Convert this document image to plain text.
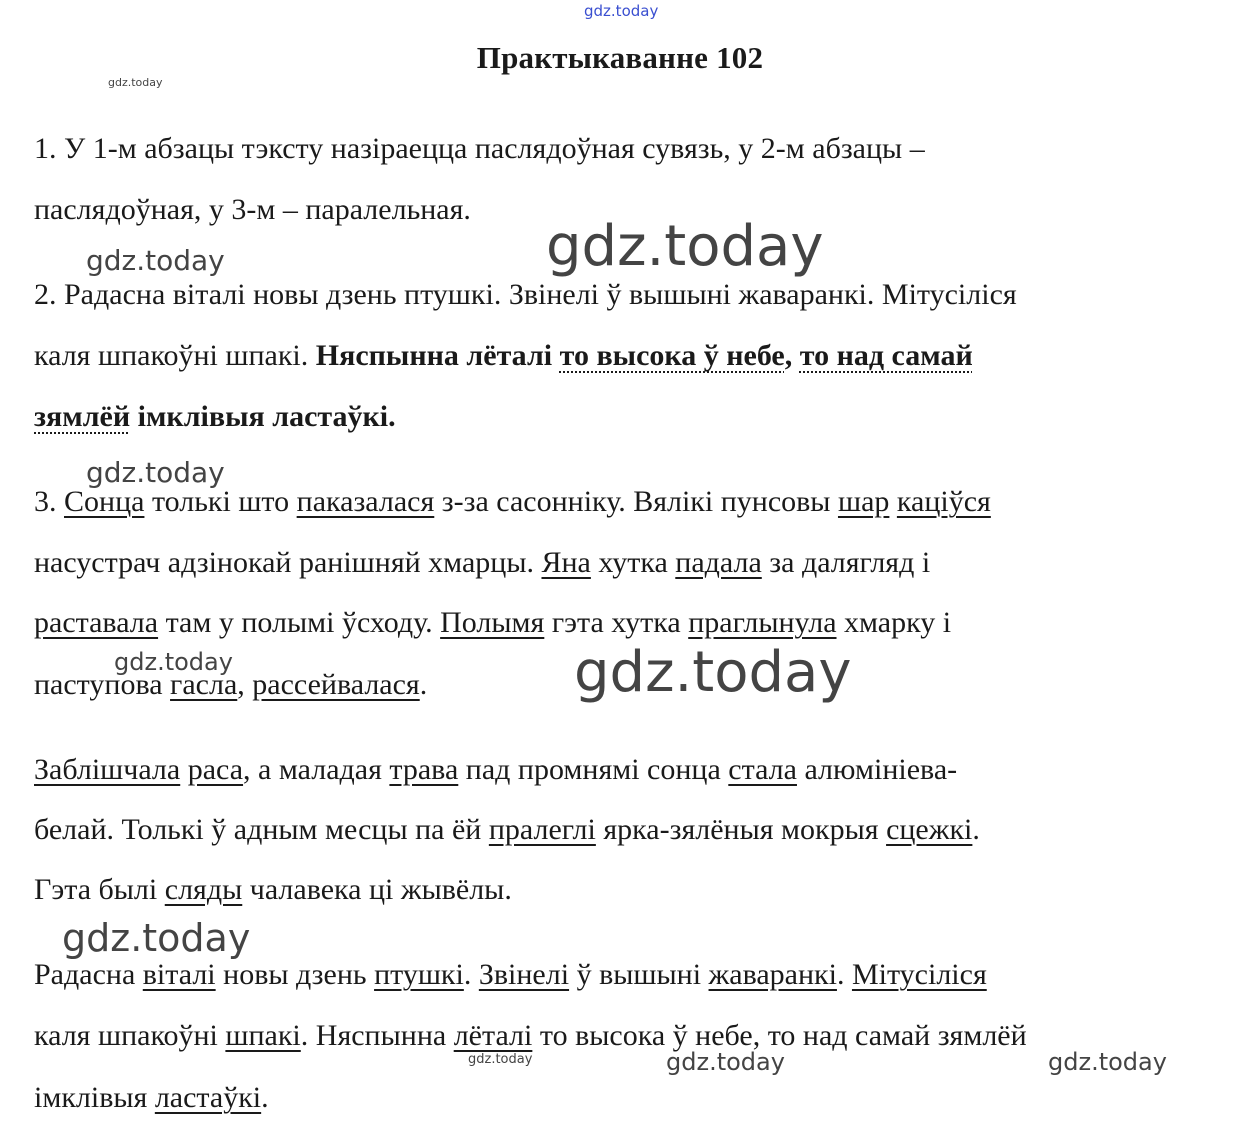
gdz.today
Практыкаванне 102
gdz.today
1. У 1-м абзацы тэксту назіраецца паслядоўная сувязь, у 2-м абзацы –
паслядоўная, у 3-м – паралельная.
gdz.today
gdz.today
2. Радасна віталі новы дзень птушкі. Звінелі ў вышыні жаваранкі. Мітусіліся
каля шпакоўні шпакі. Няспынна лёталі то высока ў небе, то над самай
зямлёй імклівыя ластаўкі.
gdz.today
3. Сонца толькі што паказалася з-за сасоннiку. Вялікі пунсовы шар каціўся
насустрач адзінокай ранішняй хмарцы. Яна хутка падала за далягляд і
раставала там у полымі ўсходу. Полымя гэта хутка праглынула хмарку і
gdz.today
паступова гасла, рассейвалася.	gdz.today
Заблішчала раса, а маладая трава пад промнямі сонца стала алюмініева-
белай. Толькі ў адным месцы па ёй пралеглі ярка-зялёныя мокрыя сцежкі.
Гэта былі сляды чалавека ці жывёлы.
gdz.today
Радасна віталі новы дзень птушкі. Звінелі ў вышыні жаваранкі. Мітусіліся
каля шпакоўні шпакі. Няспынна лёталі то высока ў небе, то над самай зямлёй
gdz.today	gdz.today	gdz.today
імклівыя ластаўкі.
